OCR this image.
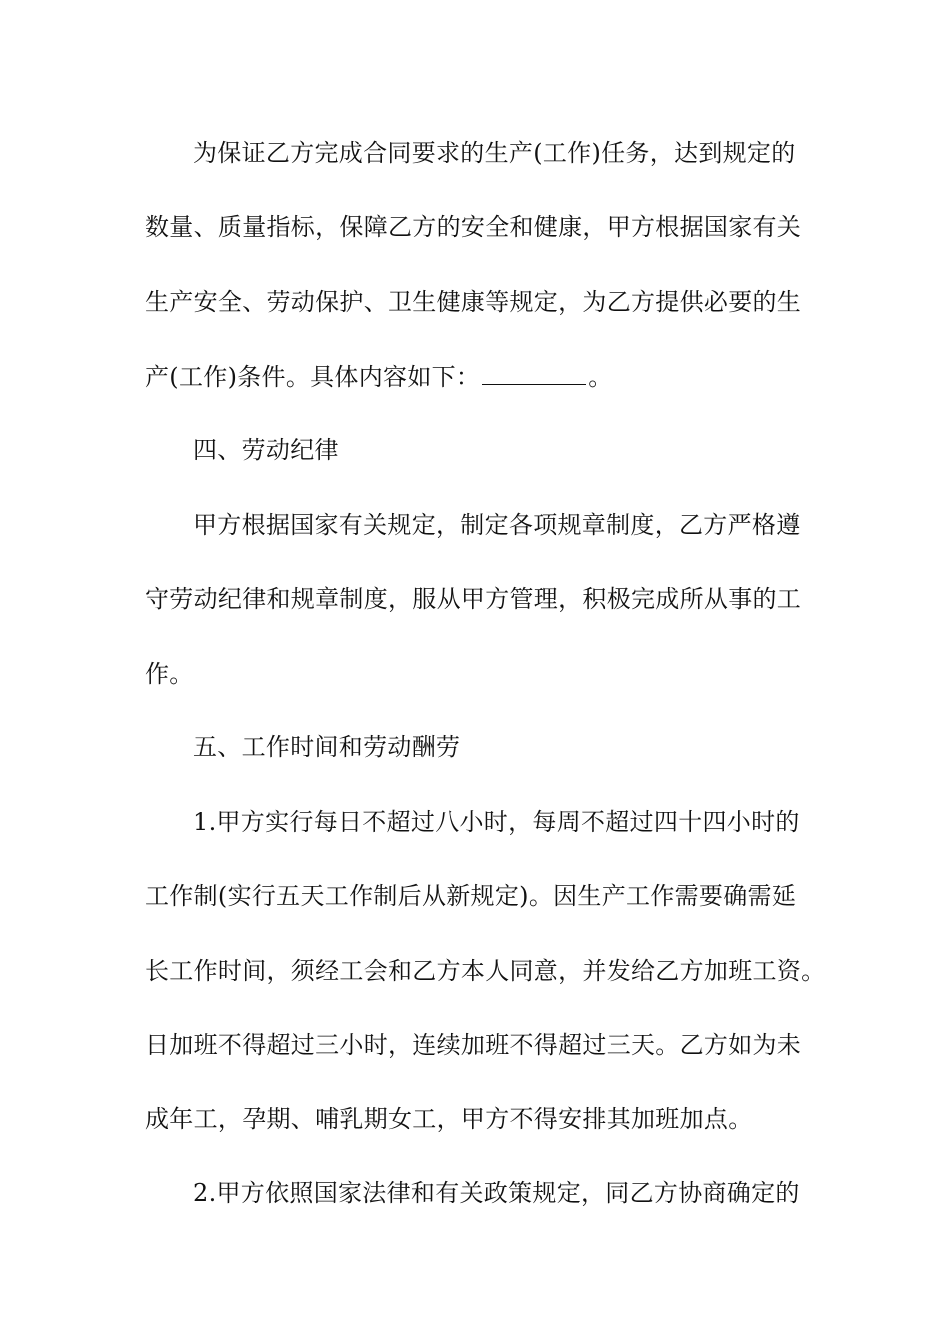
为保证乙方完成合同要求的生产(工作)任务，达到规定的
数量、质量指标，保障乙方的安全和健康，甲方根据国家有关
生产安全、劳动保护、卫生健康等规定，为乙方提供必要的生
产(工作)条件。具体内容如下：	。
四、劳动纪律
甲方根据国家有关规定，制定各项规章制度，乙方严格遵
守劳动纪律和规章制度，服从甲方管理，积极完成所从事的工
作。
五、工作时间和劳动酬劳
1.甲方实行每日不超过八小时，每周不超过四十四小时的
工作制(实行五天工作制后从新规定)。因生产工作需要确需延
长工作时间，须经工会和乙方本人同意，并发给乙方加班工资。
日加班不得超过三小时，连续加班不得超过三天。乙方如为未
成年工，孕期、哺乳期女工，甲方不得安排其加班加点。
2.甲方依照国家法律和有关政策规定，同乙方协商确定的
